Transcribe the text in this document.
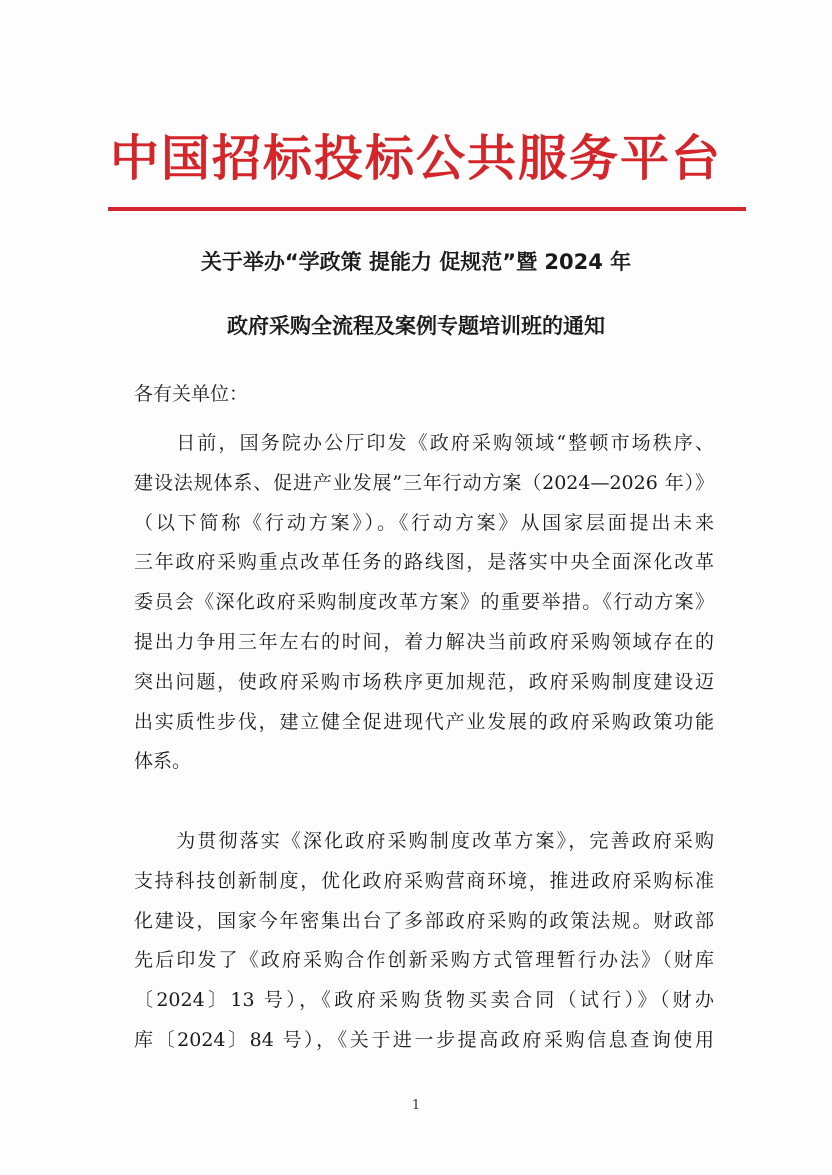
中国招标投标公共服务平台
关于举办“学政策 提能力 促规范”暨 2024 年
政府采购全流程及案例专题培训班的通知
各有关单位：
　　日前，国务院办公厅印发《政府采购领域“整顿市场秩序、
建设法规体系、促进产业发展”三年行动方案（2024—2026 年）》
（以下简称《行动方案》）。《行动方案》从国家层面提出未来
三年政府采购重点改革任务的路线图，是落实中央全面深化改革
委员会《深化政府采购制度改革方案》的重要举措。《行动方案》
提出力争用三年左右的时间，着力解决当前政府采购领域存在的
突出问题，使政府采购市场秩序更加规范，政府采购制度建设迈
出实质性步伐，建立健全促进现代产业发展的政府采购政策功能
体系。
　　为贯彻落实《深化政府采购制度改革方案》，完善政府采购
支持科技创新制度，优化政府采购营商环境，推进政府采购标准
化建设，国家今年密集出台了多部政府采购的政策法规。财政部
先后印发了《政府采购合作创新采购方式管理暂行办法》（财库
〔2024〕13 号），《政府采购货物买卖合同（试行）》（财办
库〔2024〕84 号），《关于进一步提高政府采购信息查询使用
1
